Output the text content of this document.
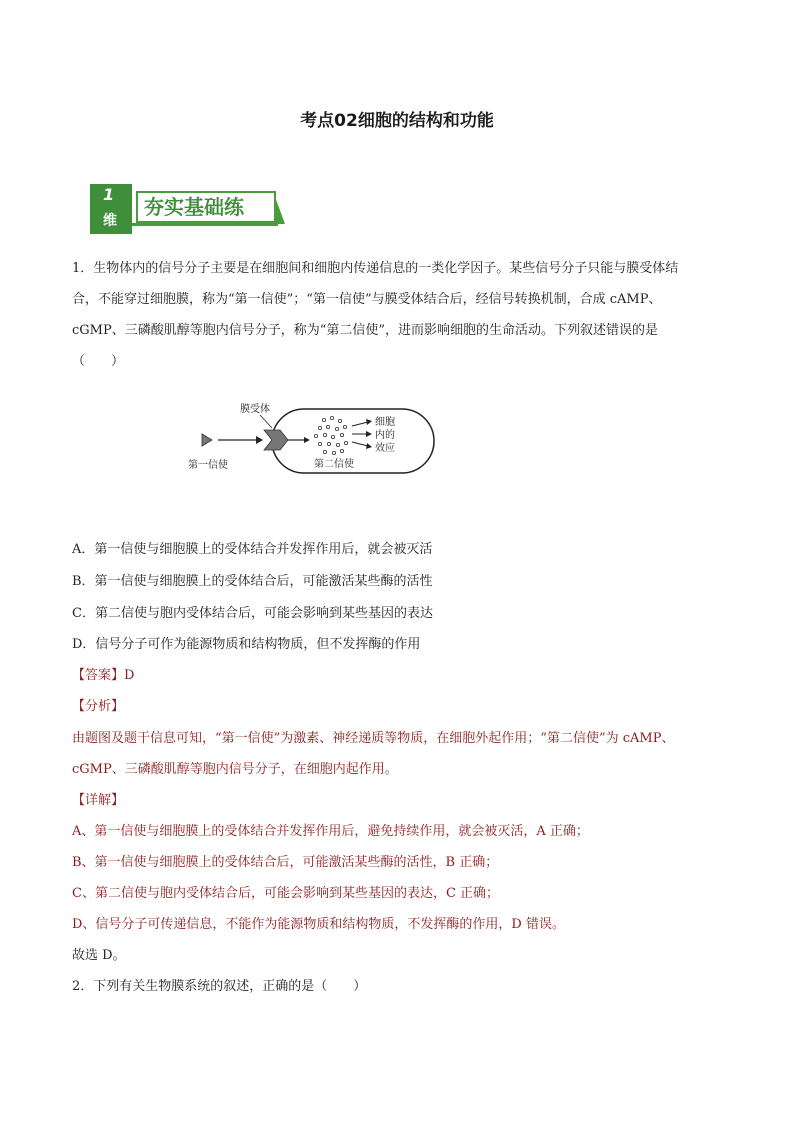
考点02细胞的结构和功能
1
维
夯实基础练
1．生物体内的信号分子主要是在细胞间和细胞内传递信息的一类化学因子。某些信号分子只能与膜受体结
合，不能穿过细胞膜，称为“第一信使”；“第一信使”与膜受体结合后，经信号转换机制，合成 cAMP、
cGMP、三磷酸肌醇等胞内信号分子，称为“第二信使”，进而影响细胞的生命活动。下列叙述错误的是
（　　）
第一信使
膜受体
第二信使
细胞
内的
效应
A．第一信使与细胞膜上的受体结合并发挥作用后，就会被灭活
B．第一信使与细胞膜上的受体结合后，可能激活某些酶的活性
C．第二信使与胞内受体结合后，可能会影响到某些基因的表达
D．信号分子可作为能源物质和结构物质，但不发挥酶的作用
【答案】D
【分析】
由题图及题干信息可知，“第一信使”为激素、神经递质等物质，在细胞外起作用；“第二信使”为 cAMP、
cGMP、三磷酸肌醇等胞内信号分子，在细胞内起作用。
【详解】
A、第一信使与细胞膜上的受体结合并发挥作用后，避免持续作用，就会被灭活，A 正确；
B、第一信使与细胞膜上的受体结合后，可能激活某些酶的活性，B 正确；
C、第二信使与胞内受体结合后，可能会影响到某些基因的表达，C 正确；
D、信号分子可传递信息，不能作为能源物质和结构物质，不发挥酶的作用，D 错误。
故选 D。
2．下列有关生物膜系统的叙述，正确的是（　　）
